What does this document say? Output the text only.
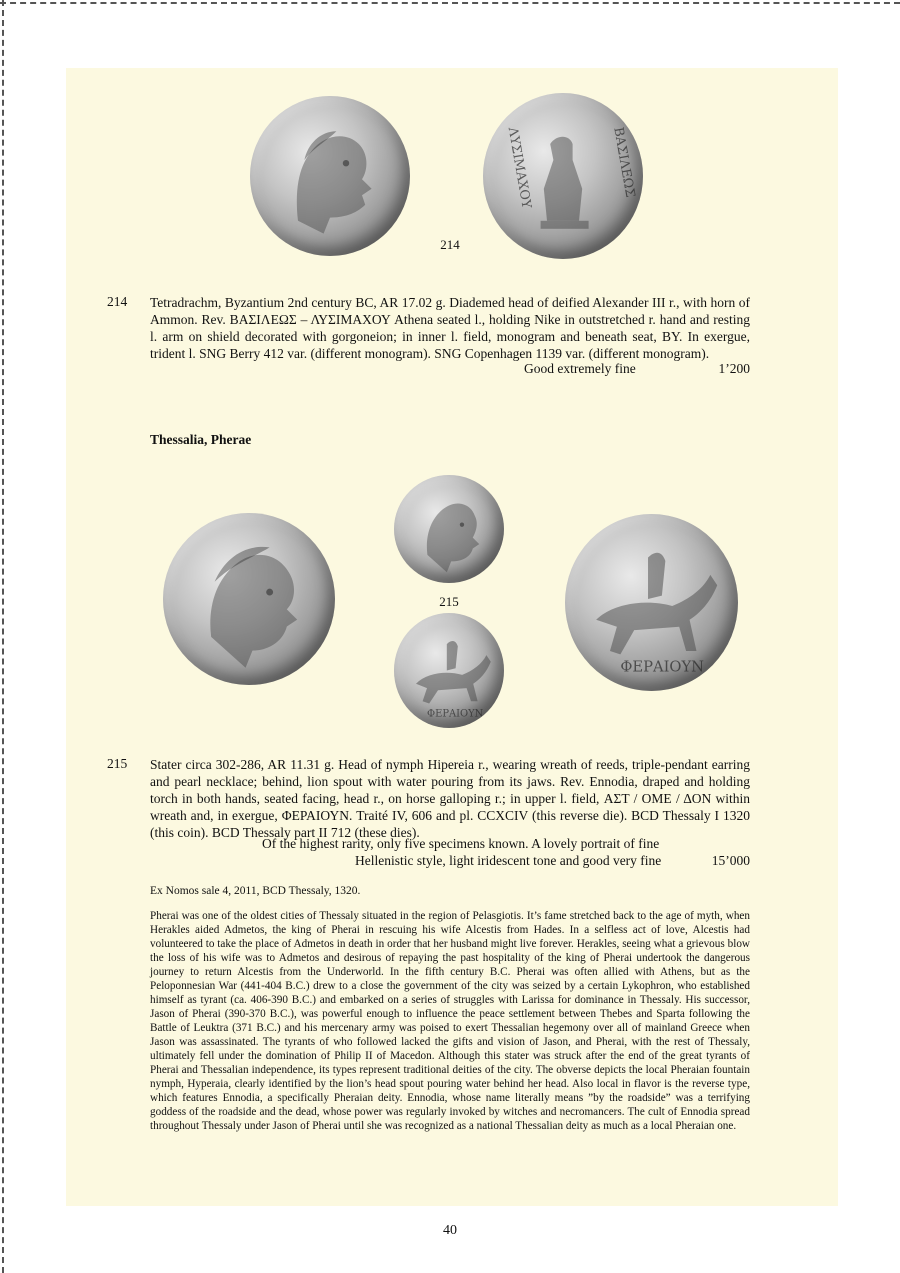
ΒΑΣΙΛΕΩΣ
ΛΥΣΙΜΑΧΟΥ
214
214 Tetradrachm, Byzantium 2nd century BC, AR 17.02 g. Diademed head of deified Alexander III r., with horn of Ammon. Rev. ΒΑΣΙΛΕΩΣ – ΛΥΣΙΜΑΧΟΥ Athena seated l., holding Nike in outstretched r. hand and resting l. arm on shield decorated with gorgoneion; in inner l. field, monogram and beneath seat, BY. In exergue, trident l. SNG Berry 412 var. (different monogram). SNG Copenhagen 1139 var. (different monogram).
Good extremely fine	1’200
Thessalia, Pherae
215
ΦΕΡΑΙΟΥΝ
ΦΕΡΑΙΟΥΝ
215 Stater circa 302-286, AR 11.31 g. Head of nymph Hipereia r., wearing wreath of reeds, triple-pendant earring and pearl necklace; behind, lion spout with water pouring from its jaws. Rev. Ennodia, draped and holding torch in both hands, seated facing, head r., on horse galloping r.; in upper l. field, ΑΣΤ / ΟΜΕ / ΔΟΝ within wreath and, in exergue, ΦΕΡΑΙΟΥΝ. Traité IV, 606 and pl. CCXCIV (this reverse die). BCD Thessaly I 1320 (this coin). BCD Thessaly part II 712 (these dies).
Of the highest rarity, only five specimens known. A lovely portrait of fine
Hellenistic style, light iridescent tone and good very fine	15’000
Ex Nomos sale 4, 2011, BCD Thessaly, 1320.
Pherai was one of the oldest cities of Thessaly situated in the region of Pelasgiotis. It’s fame stretched back to the age of myth, when Herakles aided Admetos, the king of Pherai in rescuing his wife Alcestis from Hades. In a selfless act of love, Alcestis had volunteered to take the place of Admetos in death in order that her husband might live forever. Herakles, seeing what a grievous blow the loss of his wife was to Admetos and desirous of repaying the past hospitality of the king of Pherai undertook the dangerous journey to return Alcestis from the Underworld. In the fifth century B.C. Pherai was often allied with Athens, but as the Peloponnesian War (441-404 B.C.) drew to a close the government of the city was seized by a certain Lykophron, who established himself as tyrant (ca. 406-390 B.C.) and embarked on a series of struggles with Larissa for dominance in Thessaly. His successor, Jason of Pherai (390-370 B.C.), was powerful enough to influence the peace settlement between Thebes and Sparta following the Battle of Leuktra (371 B.C.) and his mercenary army was poised to exert Thessalian hegemony over all of mainland Greece when Jason was assassinated. The tyrants of who followed lacked the gifts and vision of Jason, and Pherai, with the rest of Thessaly, ultimately fell under the domination of Philip II of Macedon. Although this stater was struck after the end of the great tyrants of Pherai and Thessalian independence, its types represent traditional deities of the city. The obverse depicts the local Pheraian fountain nymph, Hyperaia, clearly identified by the lion’s head spout pouring water behind her head. Also local in flavor is the reverse type, which features Ennodia, a specifically Pheraian deity. Ennodia, whose name literally means ”by the roadside” was a terrifying goddess of the roadside and the dead, whose power was regularly invoked by witches and necromancers. The cult of Ennodia spread throughout Thessaly under Jason of Pherai until she was recognized as a national Thessalian deity as much as a local Pheraian one.
40
